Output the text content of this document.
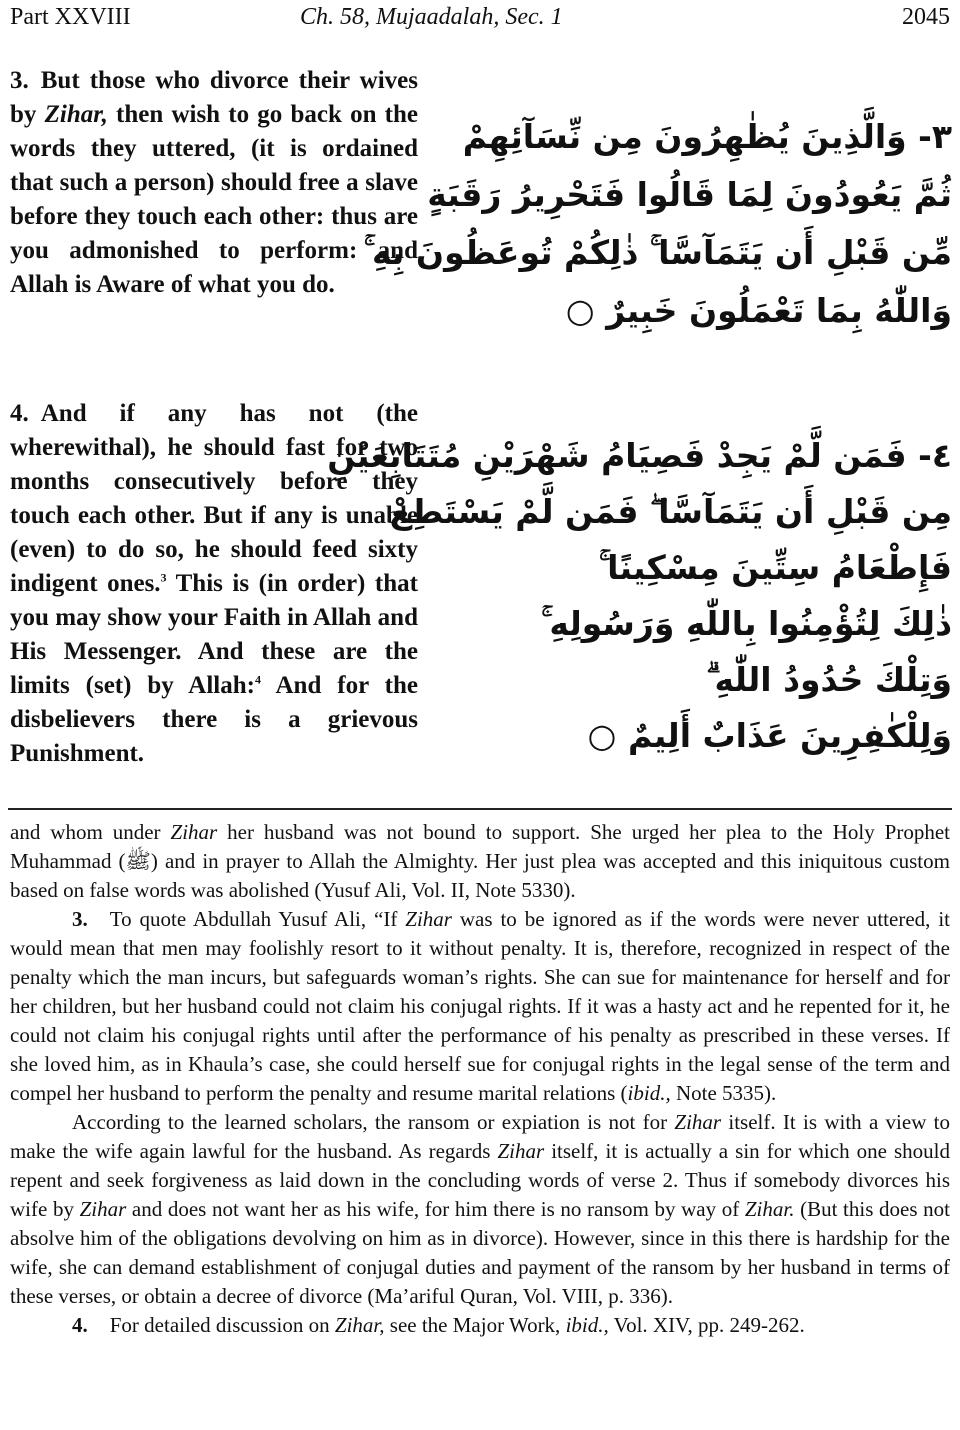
Part XXVIII	Ch. 58, Mujaadalah, Sec. 1	2045
3. But those who divorce their wives by Zihar, then wish to go back on the words they uttered, (it is ordained that such a person) should free a slave before they touch each other: thus are you admonished to perform: and Allah is Aware of what you do.
٣- وَالَّذِينَ يُظٰهِرُونَ مِن نِّسَآئِهِمْ
ثُمَّ يَعُودُونَ لِمَا قَالُوا فَتَحْرِيرُ رَقَبَةٍ
مِّن قَبْلِ أَن يَتَمَآسَّا ۚ ذٰلِكُمْ تُوعَظُونَ بِهِ ۚ
وَاللّٰهُ بِمَا تَعْمَلُونَ خَبِيرٌ ○
4. And if any has not (the wherewithal), he should fast for two months consecutively before they touch each other. But if any is unable (even) to do so, he should feed sixty indigent ones.$^3$ This is (in order) that you may show your Faith in Allah and His Messenger. And these are the limits (set) by Allah:$^4$ And for the disbelievers there is a grievous Punishment.
٤- فَمَن لَّمْ يَجِدْ فَصِيَامُ شَهْرَيْنِ مُتَتَابِعَيْنِ
مِن قَبْلِ أَن يَتَمَآسَّا ۖ فَمَن لَّمْ يَسْتَطِعْ
فَإِطْعَامُ سِتِّينَ مِسْكِينًا ۚ
ذٰلِكَ لِتُؤْمِنُوا بِاللّٰهِ وَرَسُولِهِ ۚ
وَتِلْكَ حُدُودُ اللّٰهِ ۗ
وَلِلْكٰفِرِينَ عَذَابٌ أَلِيمٌ ○

and whom under Zihar her husband was not bound to support. She urged her plea to the Holy Prophet Muhammad (ﷺ) and in prayer to Allah the Almighty. Her just plea was accepted and this iniquitous custom based on false words was abolished (Yusuf Ali, Vol. II, Note 5330).

3. To quote Abdullah Yusuf Ali, “If Zihar was to be ignored as if the words were never uttered, it would mean that men may foolishly resort to it without penalty. It is, therefore, recognized in respect of the penalty which the man incurs, but safeguards woman’s rights. She can sue for maintenance for herself and for her children, but her husband could not claim his conjugal rights. If it was a hasty act and he repented for it, he could not claim his conjugal rights until after the performance of his penalty as prescribed in these verses. If she loved him, as in Khaula’s case, she could herself sue for conjugal rights in the legal sense of the term and compel her husband to perform the penalty and resume marital relations (ibid., Note 5335).

According to the learned scholars, the ransom or expiation is not for Zihar itself. It is with a view to make the wife again lawful for the husband. As regards Zihar itself, it is actually a sin for which one should repent and seek forgiveness as laid down in the concluding words of verse 2. Thus if somebody divorces his wife by Zihar and does not want her as his wife, for him there is no ransom by way of Zihar. (But this does not absolve him of the obligations devolving on him as in divorce). However, since in this there is hardship for the wife, she can demand establishment of conjugal duties and payment of the ransom by her husband in terms of these verses, or obtain a decree of divorce (Ma’ariful Quran, Vol. VIII, p. 336).

4. For detailed discussion on Zihar, see the Major Work, ibid., Vol. XIV, pp. 249-262.
